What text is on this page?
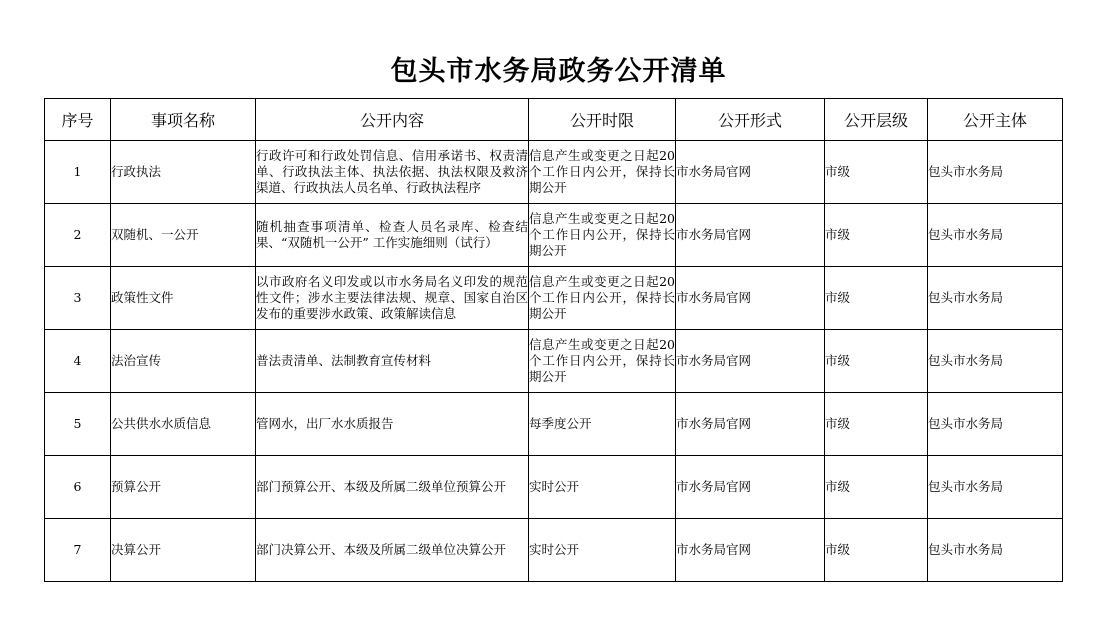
包头市水务局政务公开清单
序号	事项名称	公开内容	公开时限	公开形式	公开层级	公开主体
1	行政执法	行政许可和行政处罚信息、信用承诺书、权责清单、行政执法主体、执法依据、执法权限及救济渠道、行政执法人员名单、行政执法程序	信息产生或变更之日起20个工作日内公开，保持长期公开	市水务局官网	市级	包头市水务局
2	双随机、一公开	随机抽查事项清单、检查人员名录库、检查结果、“双随机一公开” 工作实施细则（试行）	信息产生或变更之日起20个工作日内公开，保持长期公开	市水务局官网	市级	包头市水务局
3	政策性文件	以市政府名义印发或以市水务局名义印发的规范性文件；涉水主要法律法规、规章、国家自治区发布的重要涉水政策、政策解读信息	信息产生或变更之日起20个工作日内公开，保持长期公开	市水务局官网	市级	包头市水务局
4	法治宣传	普法责清单、法制教育宣传材料	信息产生或变更之日起20个工作日内公开，保持长期公开	市水务局官网	市级	包头市水务局
5	公共供水水质信息	管网水，出厂水水质报告	每季度公开	市水务局官网	市级	包头市水务局
6	预算公开	部门预算公开、本级及所属二级单位预算公开	实时公开	市水务局官网	市级	包头市水务局
7	决算公开	部门决算公开、本级及所属二级单位决算公开	实时公开	市水务局官网	市级	包头市水务局
